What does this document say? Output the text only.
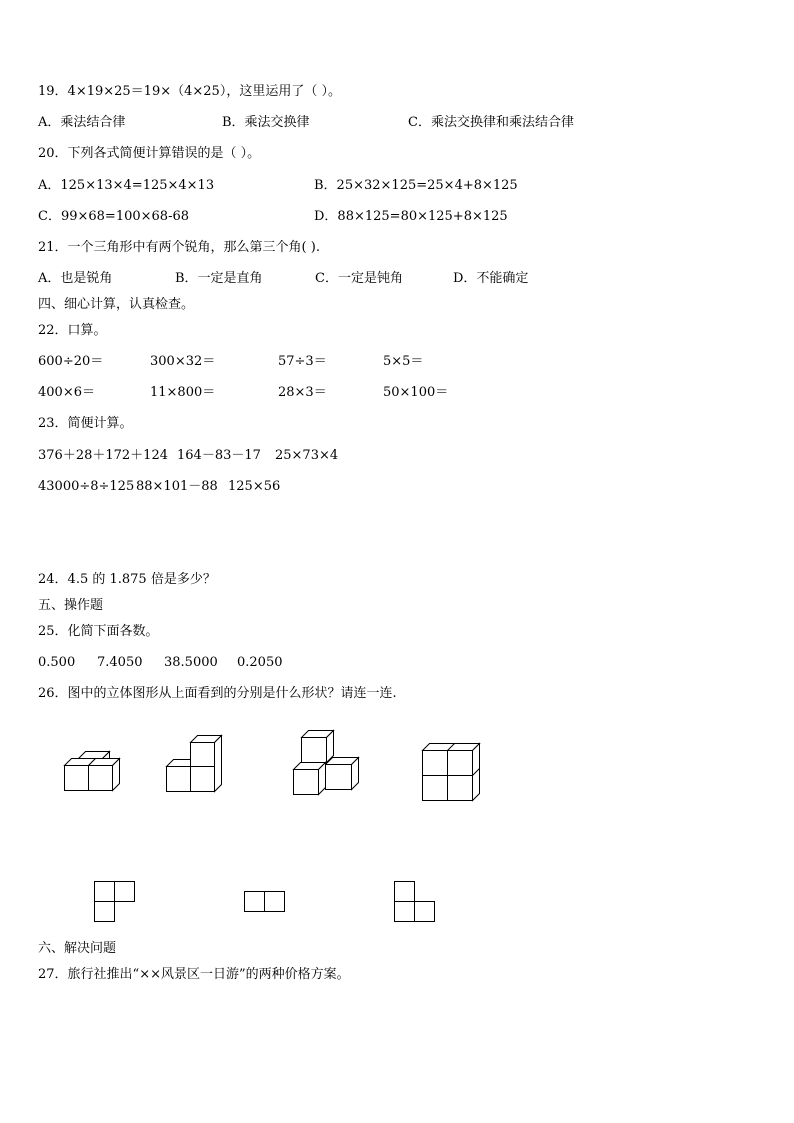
19．4×19×25＝19×（4×25），这里运用了（ ）。
A．乘法结合律	B．乘法交换律	C．乘法交换律和乘法结合律
20．下列各式简便计算错误的是（ ）。
A．125×13×4=125×4×13	B．25×32×125=25×4+8×125
C．99×68=100×68-68	D．88×125=80×125+8×125
21．一个三角形中有两个锐角，那么第三个角( ).
A．也是锐角	B．一定是直角	C．一定是钝角	D．不能确定
四、细心计算，认真检查。
22．口算。
600÷20＝	300×32＝	57÷3＝	5×5＝
400×6＝	11×800＝	28×3＝	50×100＝
23．简便计算。
376＋28＋172＋124 164－83－17 25×73×4
43000÷8÷125 88×101－88 125×56
24．4.5 的 1.875 倍是多少？
五、操作题
25．化简下面各数。
0.500 7.4050 38.5000 0.2050
26．图中的立体图形从上面看到的分别是什么形状？请连一连.
六、解决问题
27．旅行社推出“××风景区一日游”的两种价格方案。
